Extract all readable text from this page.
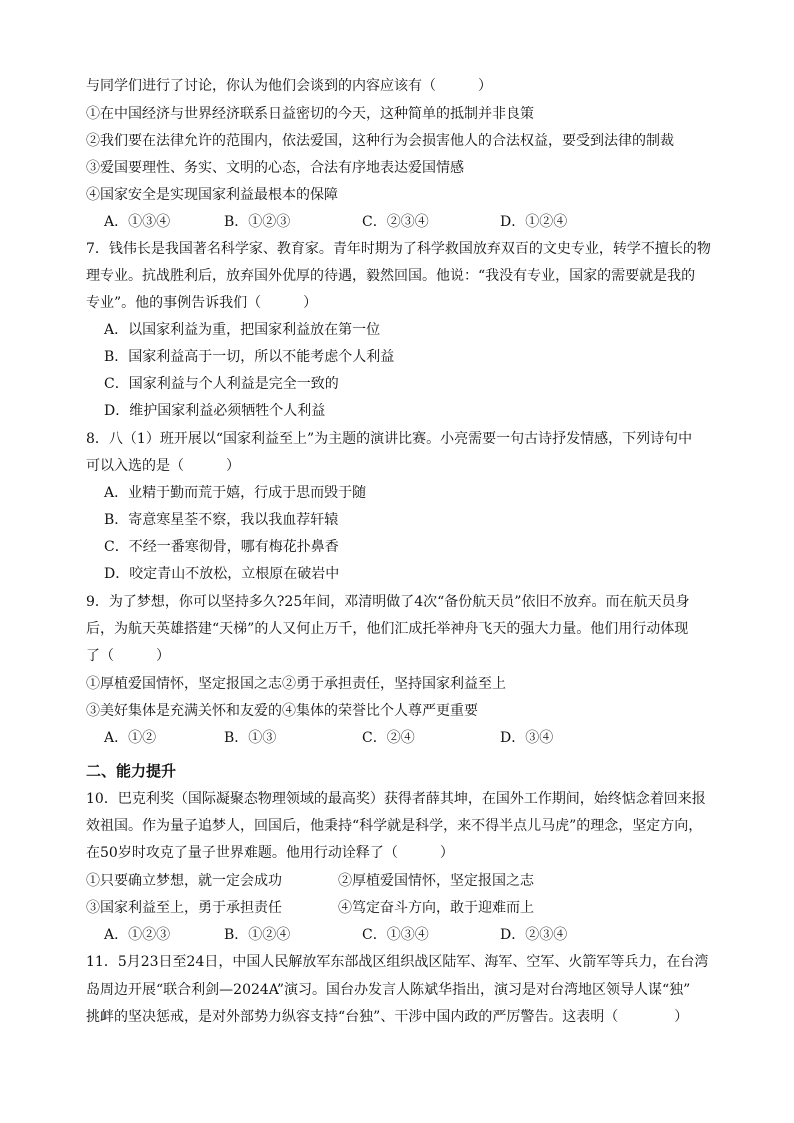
与同学们进行了讨论，你认为他们会谈到的内容应该有（　　　）
①在中国经济与世界经济联系日益密切的今天，这种简单的抵制并非良策
②我们要在法律允许的范围内，依法爱国，这种行为会损害他人的合法权益，要受到法律的制裁
③爱国要理性、务实、文明的心态，合法有序地表达爱国情感
④国家安全是实现国家利益最根本的保障
A．①③④	B．①②③	C．②③④	D．①②④
7．钱伟长是我国著名科学家、教育家。青年时期为了科学救国放弃双百的文史专业，转学不擅长的物
理专业。抗战胜利后，放弃国外优厚的待遇，毅然回国。他说：“我没有专业，国家的需要就是我的
专业”。他的事例告诉我们（　　　）
A．以国家利益为重，把国家利益放在第一位
B．国家利益高于一切，所以不能考虑个人利益
C．国家利益与个人利益是完全一致的
D．维护国家利益必须牺牲个人利益
8．八（1）班开展以“国家利益至上”为主题的演讲比赛。小亮需要一句古诗抒发情感，下列诗句中
可以入选的是（　　　）
A．业精于勤而荒于嬉，行成于思而毁于随
B．寄意寒星荃不察，我以我血荐轩辕
C．不经一番寒彻骨，哪有梅花扑鼻香
D．咬定青山不放松，立根原在破岩中
9．为了梦想，你可以坚持多久?25年间，邓清明做了4次“备份航天员”依旧不放弃。而在航天员身
后，为航天英雄搭建“天梯”的人又何止万千，他们汇成托举神舟飞天的强大力量。他们用行动体现
了（　　　）
①厚植爱国情怀，坚定报国之志②勇于承担责任，坚持国家利益至上
③美好集体是充满关怀和友爱的④集体的荣誉比个人尊严更重要
A．①②	B．①③	C．②④	D．③④
二、能力提升
10．巴克利奖（国际凝聚态物理领域的最高奖）获得者薛其坤，在国外工作期间，始终惦念着回来报
效祖国。作为量子追梦人，回国后，他秉持“科学就是科学，来不得半点儿马虎”的理念，坚定方向，
在50岁时攻克了量子世界难题。他用行动诠释了（　　　）
①只要确立梦想，就一定会成功	②厚植爱国情怀，坚定报国之志
③国家利益至上，勇于承担责任	④笃定奋斗方向，敢于迎难而上
A．①②③	B．①②④	C．①③④	D．②③④
11．5月23日至24日，中国人民解放军东部战区组织战区陆军、海军、空军、火箭军等兵力，在台湾
岛周边开展“联合利剑—2024A”演习。国台办发言人陈斌华指出，演习是对台湾地区领导人谋“独”
挑衅的坚决惩戒，是对外部势力纵容支持“台独”、干涉中国内政的严厉警告。这表明（　　　　）
